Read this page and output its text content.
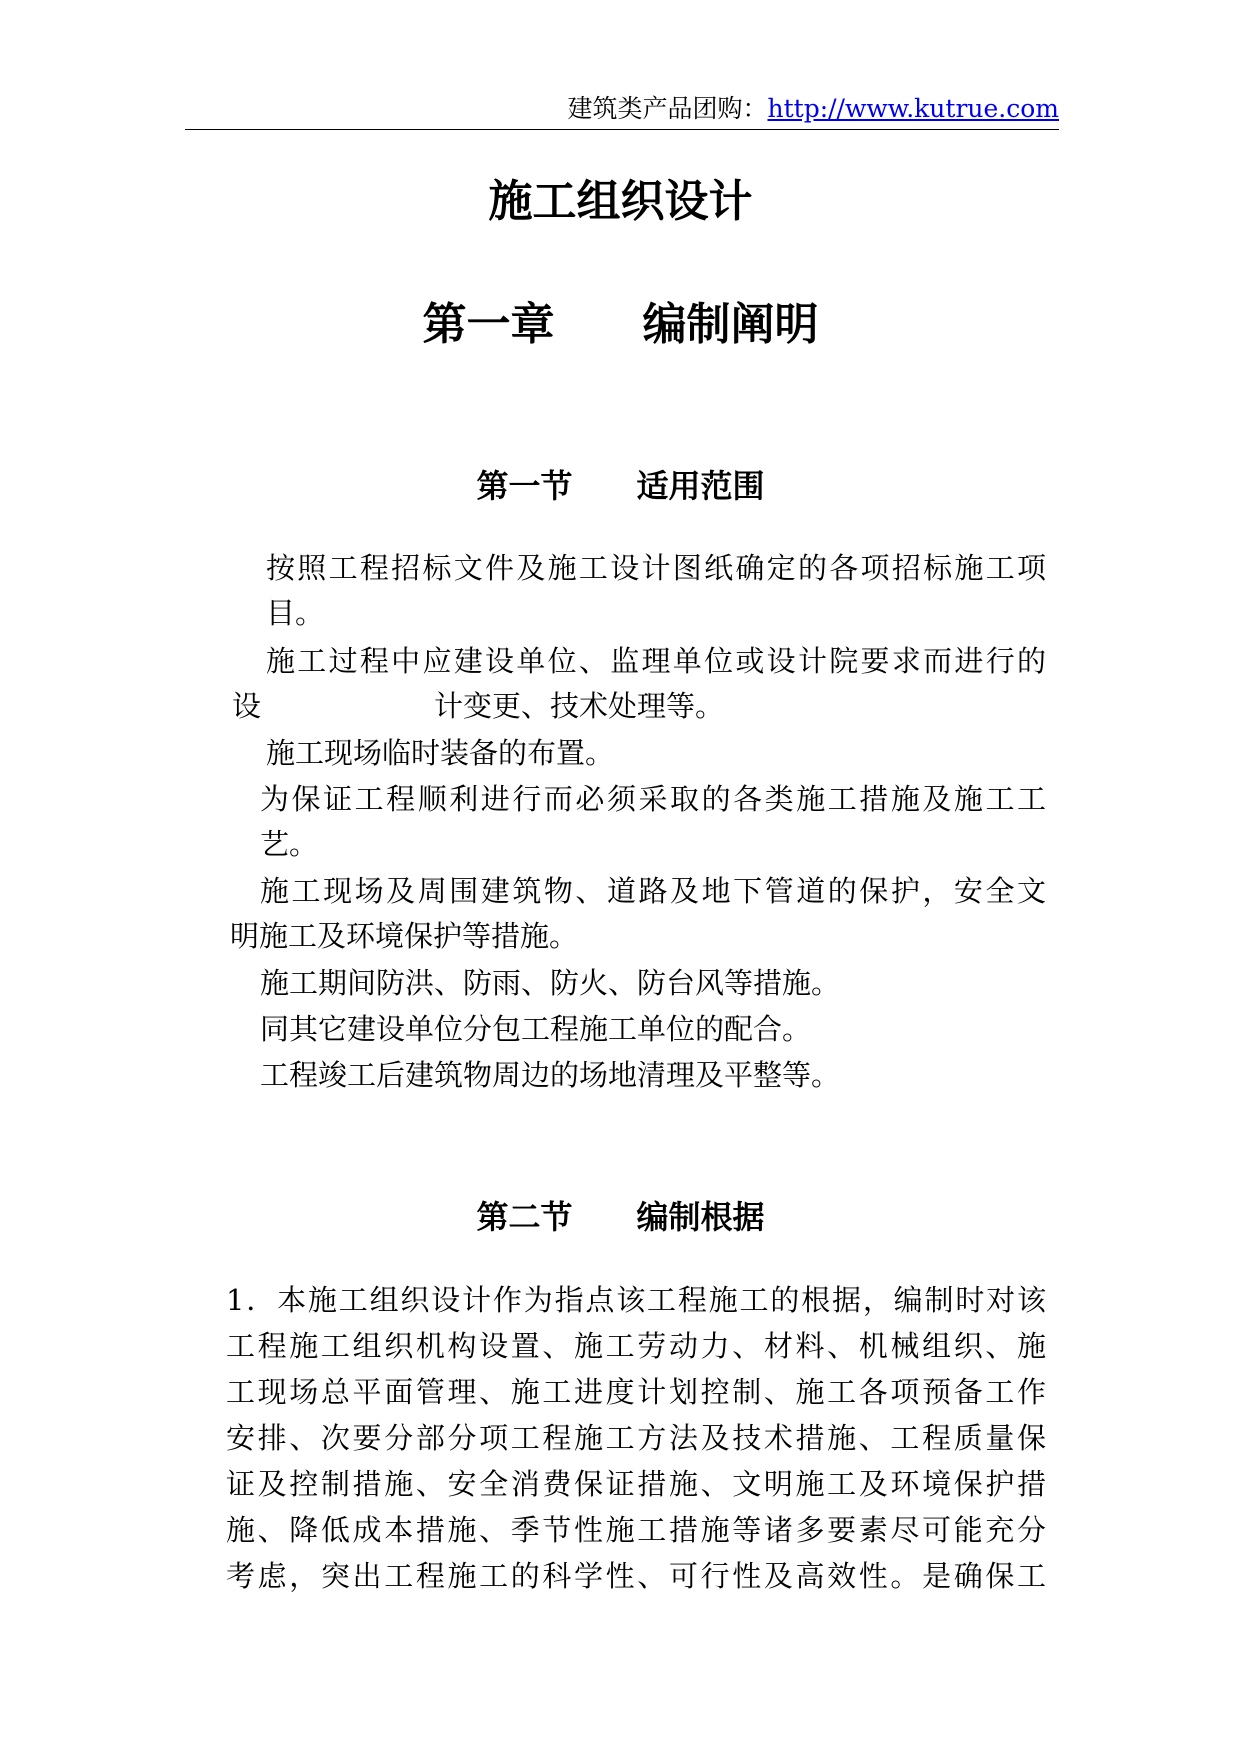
建筑类产品团购：http://www.kutrue.com
施工组织设计
第一章　　编制阐明
第一节　　适用范围
按照工程招标文件及施工设计图纸确定的各项招标施工项
目。
施工过程中应建设单位、监理单位或设计院要求而进行的
设	计变更、技术处理等。
施工现场临时装备的布置。
为保证工程顺利进行而必须采取的各类施工措施及施工工
艺。
施工现场及周围建筑物、道路及地下管道的保护，安全文
明施工及环境保护等措施。
施工期间防洪、防雨、防火、防台风等措施。
同其它建设单位分包工程施工单位的配合。
工程竣工后建筑物周边的场地清理及平整等。
第二节　　编制根据
1．本施工组织设计作为指点该工程施工的根据，编制时对该
工程施工组织机构设置、施工劳动力、材料、机械组织、施
工现场总平面管理、施工进度计划控制、施工各项预备工作
安排、次要分部分项工程施工方法及技术措施、工程质量保
证及控制措施、安全消费保证措施、文明施工及环境保护措
施、降低成本措施、季节性施工措施等诸多要素尽可能充分
考虑，突出工程施工的科学性、可行性及高效性。是确保工
